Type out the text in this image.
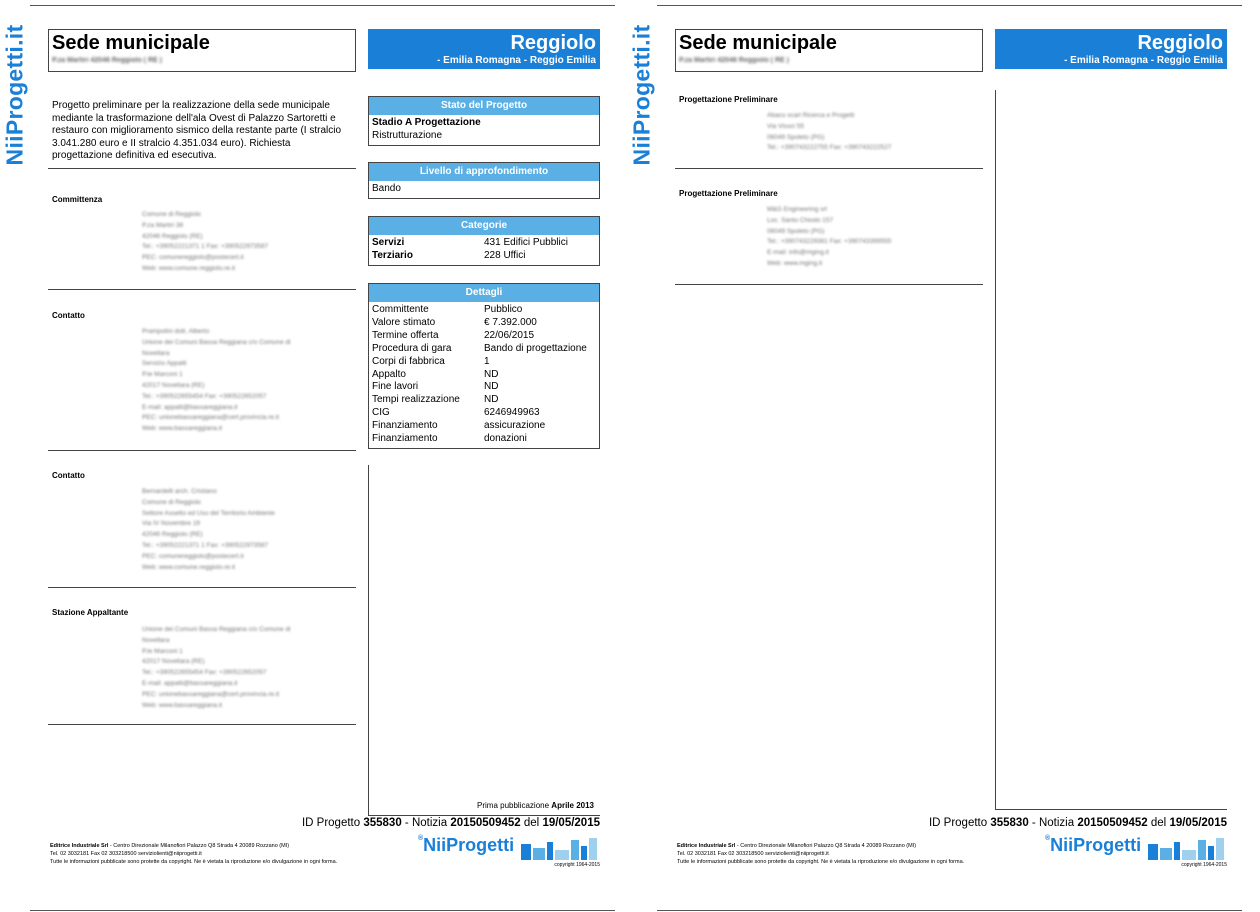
NiiProgetti.it Sede municipale
P.za Martiri 42046 Reggiolo ( RE )
Reggiolo
- Emilia Romagna - Reggio Emilia
Progetto preliminare per la realizzazione della sede municipale mediante la trasformazione dell'ala Ovest di Palazzo Sartoretti e restauro con miglioramento sismico della restante parte (I stralcio 3.041.280 euro e II stralcio 4.351.034 euro). Richiesta progettazione definitiva ed esecutiva.
Committenza
Comune di Reggiolo
P.za Martiri 38
42046 Reggiolo (RE)
Tel.: +39052221371 1 Fax: +390522973587
PEC: comunereggiolo@postecert.it
Web: www.comune.reggiolo.re.it
Contatto
Prampolini dott. Alberto
Unione dei Comuni Bassa Reggiana c/o Comune di
Novellara
Servizio Appalti
P.le Marconi 1
42017 Novellara (RE)
Tel.: +390522655454 Fax: +390522652057
E-mail: appalti@bassareggiana.it
PEC: unionebassareggiana@cert.provincia.re.it
Web: www.bassareggiana.it
Contatto
Bernardelli arch. Cristiano
Comune di Reggiolo
Settore Assetto ed Uso del Territorio Ambiente
Via IV Novembre 19
42046 Reggiolo (RE)
Tel.: +39052221371 1 Fax: +390522973587
PEC: comunereggiolo@postecert.it
Web: www.comune.reggiolo.re.it
Stazione Appaltante
Unione dei Comuni Bassa Reggiana c/o Comune di
Novellara
P.le Marconi 1
42017 Novellara (RE)
Tel.: +390522655454 Fax: +390522652057
E-mail: appalti@bassareggiana.it
PEC: unionebassareggiana@cert.provincia.re.it
Web: www.bassareggiana.it
Stato del Progetto
Stadio A Progettazione
Ristrutturazione
Livello di approfondimento
Bando
Categorie
Servizi	431 Edifici Pubblici
Terziario	228 Uffici
Dettagli
Committente	Pubblico
Valore stimato	€ 7.392.000
Termine offerta	22/06/2015
Procedura di gara	Bando di progettazione
Corpi di fabbrica	1
Appalto	ND
Fine lavori	ND
Tempi realizzazione	ND
CIG	6246949963
Finanziamento	assicurazione
Finanziamento	donazioni
Prima pubblicazione Aprile 2013
ID Progetto 355830 - Notizia 20150509452 del 19/05/2015
Editrice Industriale Srl - Centro Direzionale Milanofiori Palazzo Q8 Strada 4 20089 Rozzano (MI)
Tel. 02 3032181 Fax 02 303218500 serviziolienti@niiprogetti.it
Tutte le informazioni pubblicate sono protette da copyright. Ne è vietata la riproduzione e/o divulgazione in ogni forma.
®NiiProgetti
copyright 1964-2015
NiiProgetti.it Sede municipale
P.za Martiri 42046 Reggiolo ( RE )
Reggiolo
- Emilia Romagna - Reggio Emilia
Progettazione Preliminare
Abaco scarl Ricerca e Progetti
Via Vissci 55
06049 Spoleto (PG)
Tel.: +390743222755 Fax: +390743222527
Progettazione Preliminare
M&G Engineering srl
Loc. Santo Chiodo 157
06049 Spoleto (PG)
Tel.: +390743229381 Fax: +390743399555
E-mail: info@mging.it
Web: www.mging.it
ID Progetto 355830 - Notizia 20150509452 del 19/05/2015
Editrice Industriale Srl - Centro Direzionale Milanofiori Palazzo Q8 Strada 4 20089 Rozzano (MI)
Tel. 02 3032181 Fax 02 303218500 serviziolienti@niiprogetti.it
Tutte le informazioni pubblicate sono protette da copyright. Ne è vietata la riproduzione e/o divulgazione in ogni forma.
®NiiProgetti
copyright 1964-2015
